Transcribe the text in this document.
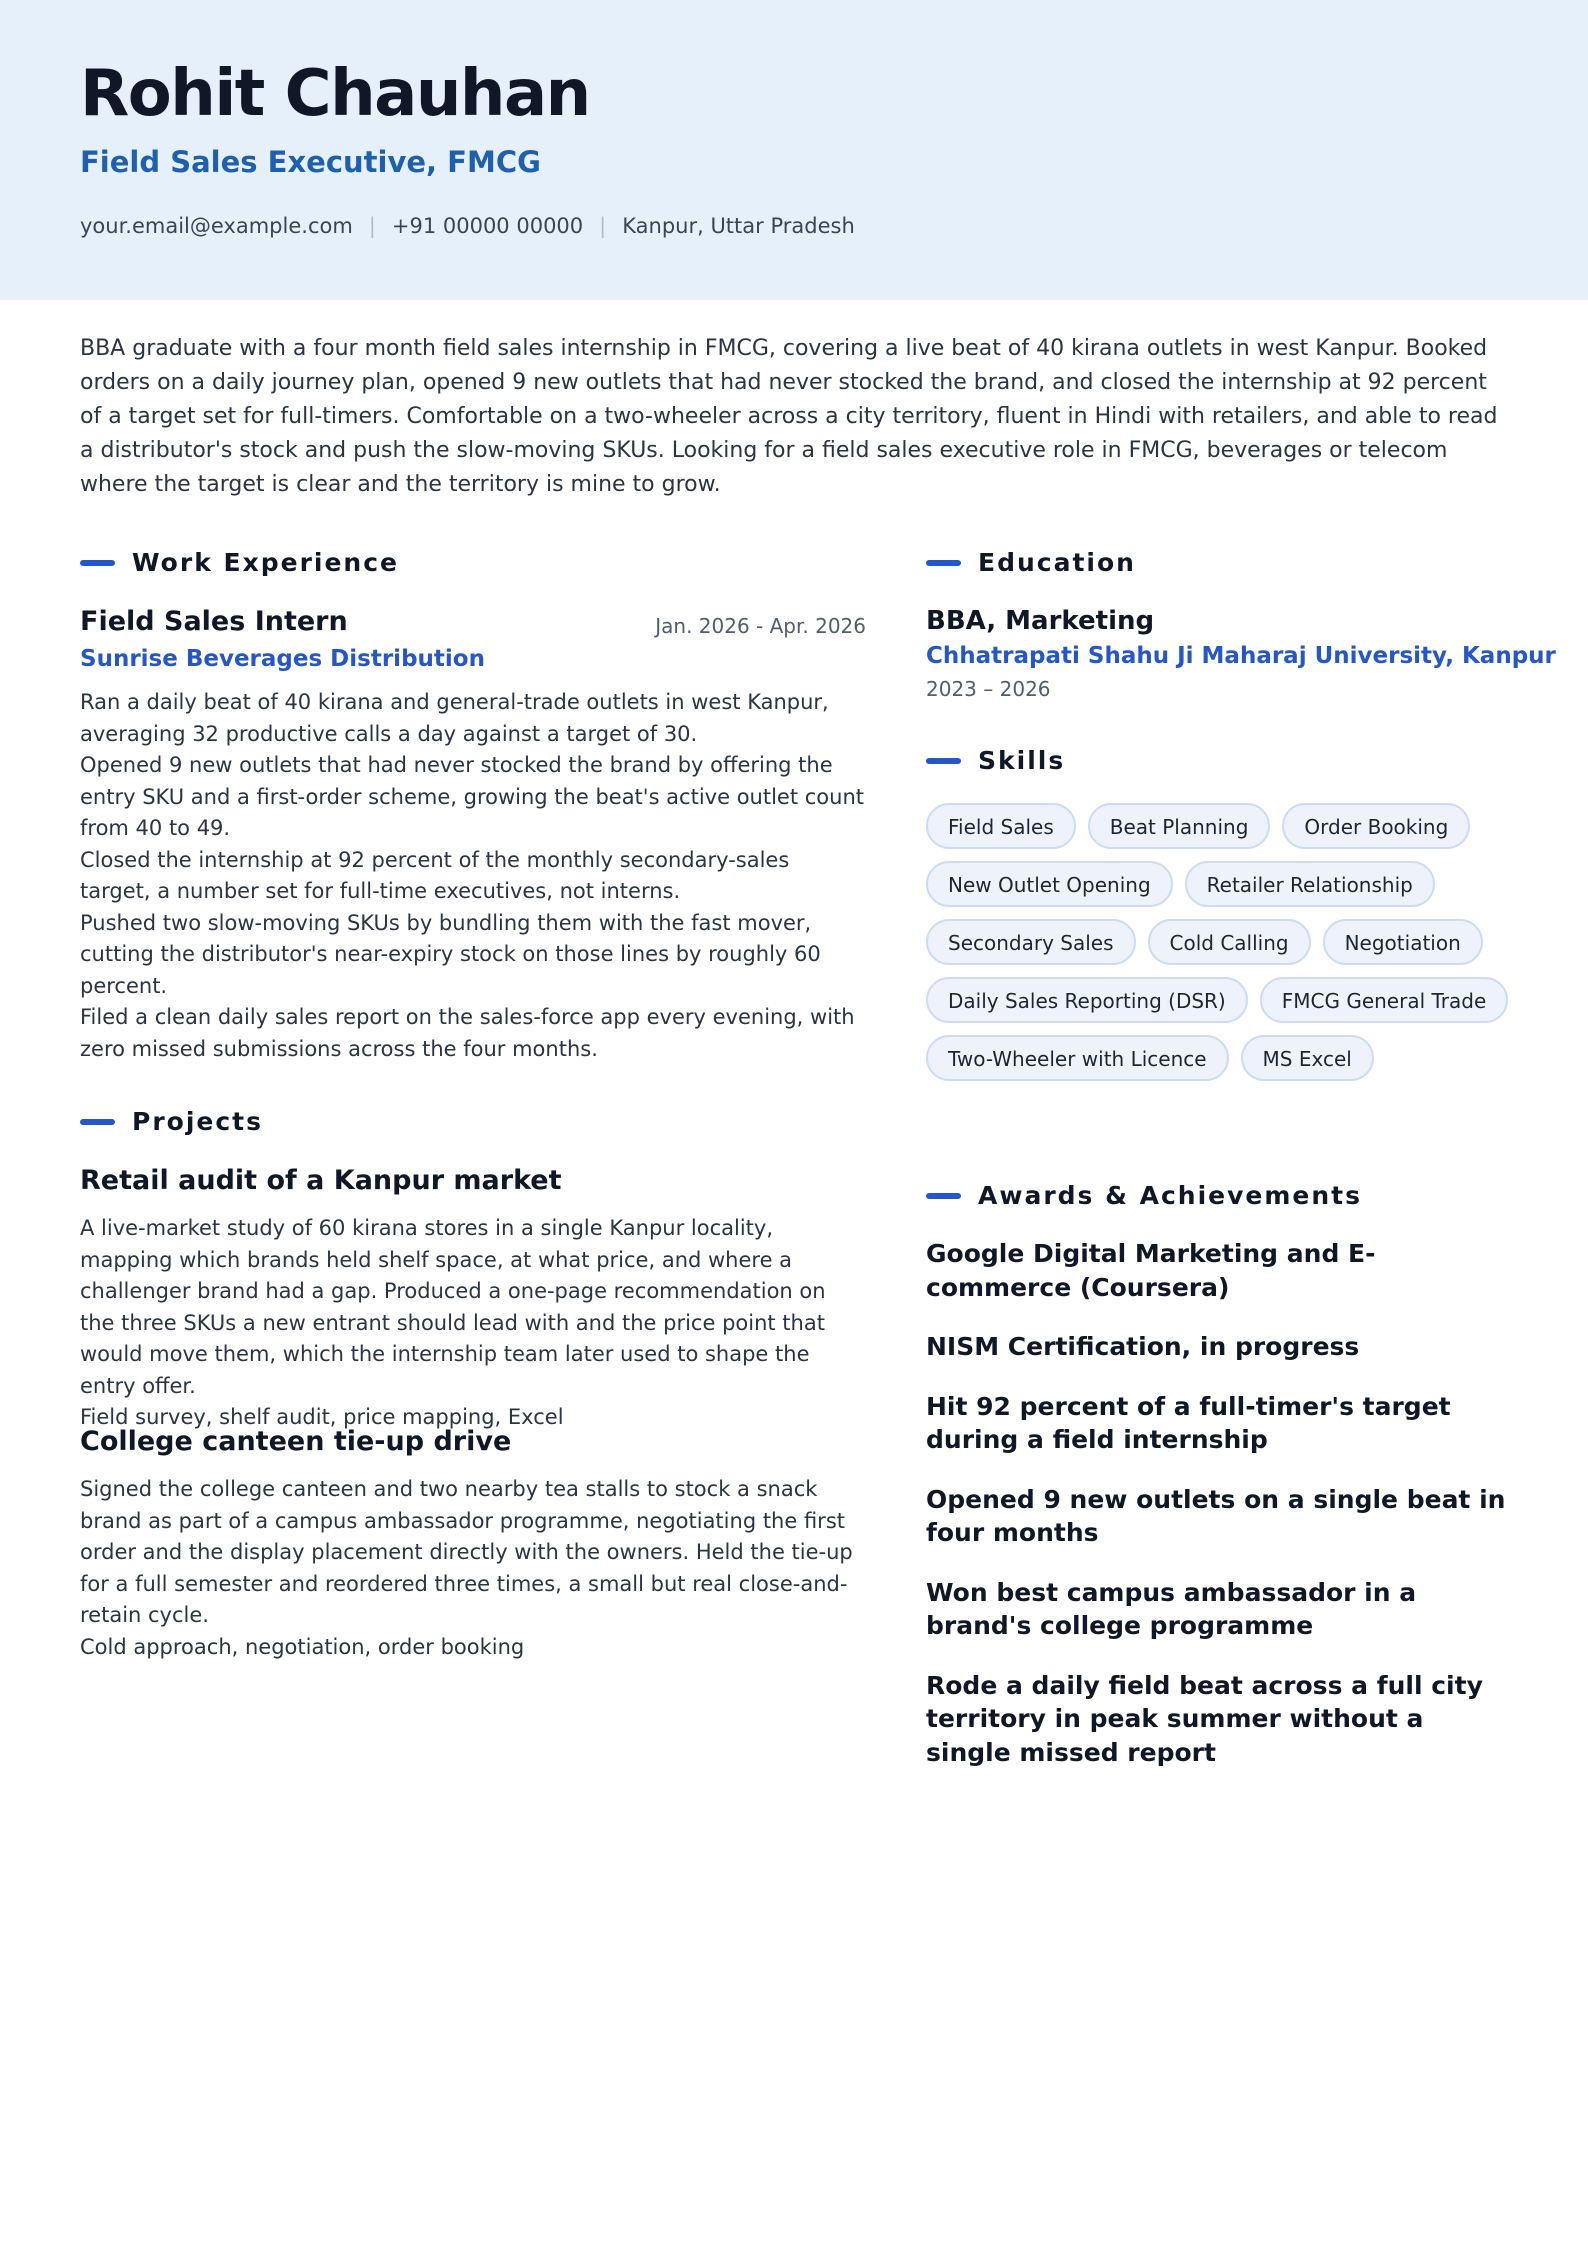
Rohit Chauhan
Field Sales Executive, FMCG
your.email@example.com | +91 00000 00000 | Kanpur, Uttar Pradesh

BBA graduate with a four month field sales internship in FMCG, covering a live beat of 40 kirana outlets in west Kanpur. Booked orders on a daily journey plan, opened 9 new outlets that had never stocked the brand, and closed the internship at 92 percent of a target set for full-timers. Comfortable on a two-wheeler across a city territory, fluent in Hindi with retailers, and able to read a distributor's stock and push the slow-moving SKUs. Looking for a field sales executive role in FMCG, beverages or telecom where the target is clear and the territory is mine to grow.

Work Experience
Field Sales Intern	Jan. 2026 - Apr. 2026
Sunrise Beverages Distribution

Ran a daily beat of 40 kirana and general-trade outlets in west Kanpur, averaging 32 productive calls a day against a target of 30.

Opened 9 new outlets that had never stocked the brand by offering the entry SKU and a first-order scheme, growing the beat's active outlet count from 40 to 49.

Closed the internship at 92 percent of the monthly secondary-sales target, a number set for full-time executives, not interns.

Pushed two slow-moving SKUs by bundling them with the fast mover, cutting the distributor's near-expiry stock on those lines by roughly 60 percent.

Filed a clean daily sales report on the sales-force app every evening, with zero missed submissions across the four months.

Projects
Retail audit of a Kanpur market

A live-market study of 60 kirana stores in a single Kanpur locality, mapping which brands held shelf space, at what price, and where a challenger brand had a gap. Produced a one-page recommendation on the three SKUs a new entrant should lead with and the price point that would move them, which the internship team later used to shape the entry offer.

Field survey, shelf audit, price mapping, Excel

College canteen tie-up drive

Signed the college canteen and two nearby tea stalls to stock a snack brand as part of a campus ambassador programme, negotiating the first order and the display placement directly with the owners. Held the tie-up for a full semester and reordered three times, a small but real close-and-retain cycle.

Cold approach, negotiation, order booking

Education
BBA, Marketing
Chhatrapati Shahu Ji Maharaj University, Kanpur
2023 – 2026
Skills
Field Sales	Beat Planning	Order Booking
New Outlet Opening	Retailer Relationship
Secondary Sales	Cold Calling	Negotiation
Daily Sales Reporting (DSR)	FMCG General Trade
Two-Wheeler with Licence	MS Excel
Awards & Achievements
Google Digital Marketing and E-commerce (Coursera)
NISM Certification, in progress
Hit 92 percent of a full-timer's target during a field internship
Opened 9 new outlets on a single beat in four months
Won best campus ambassador in a brand's college programme
Rode a daily field beat across a full city territory in peak summer without a single missed report
